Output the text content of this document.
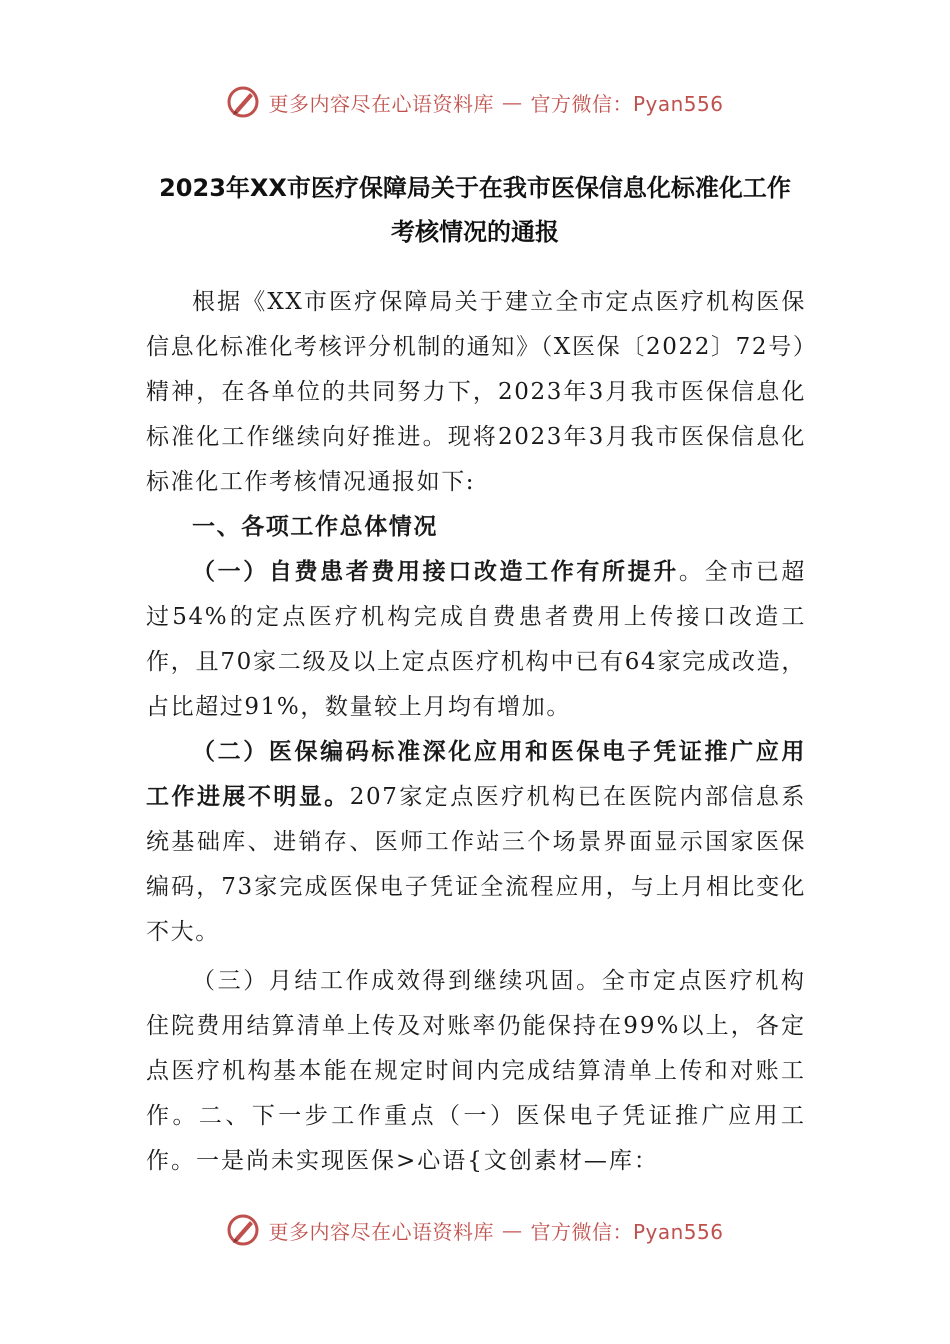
更多内容尽在心语资料库 — 官方微信：Pyan556
2023年XX市医疗保障局关于在我市医保信息化标准化工作
考核情况的通报

根据《XX市医疗保障局关于建立全市定点医疗机构医保信息化标准化考核评分机制的通知》（X医保〔2022〕72号）精神，在各单位的共同努力下，2023年3月我市医保信息化标准化工作继续向好推进。现将2023年3月我市医保信息化标准化工作考核情况通报如下:

一、各项工作总体情况

（一）自费患者费用接口改造工作有所提升。全市已超过54%的定点医疗机构完成自费患者费用上传接口改造工作，且70家二级及以上定点医疗机构中已有64家完成改造，占比超过91%，数量较上月均有增加。

（二）医保编码标准深化应用和医保电子凭证推广应用工作进展不明显。207家定点医疗机构已在医院内部信息系统基础库、进销存、医师工作站三个场景界面显示国家医保编码，73家完成医保电子凭证全流程应用，与上月相比变化不大。

（三）月结工作成效得到继续巩固。全市定点医疗机构住院费用结算清单上传及对账率仍能保持在99%以上，各定点医疗机构基本能在规定时间内完成结算清单上传和对账工作。二、下一步工作重点（一）医保电子凭证推广应用工作。一是尚未实现医保>心语{文创素材—库：

更多内容尽在心语资料库 — 官方微信：Pyan556
